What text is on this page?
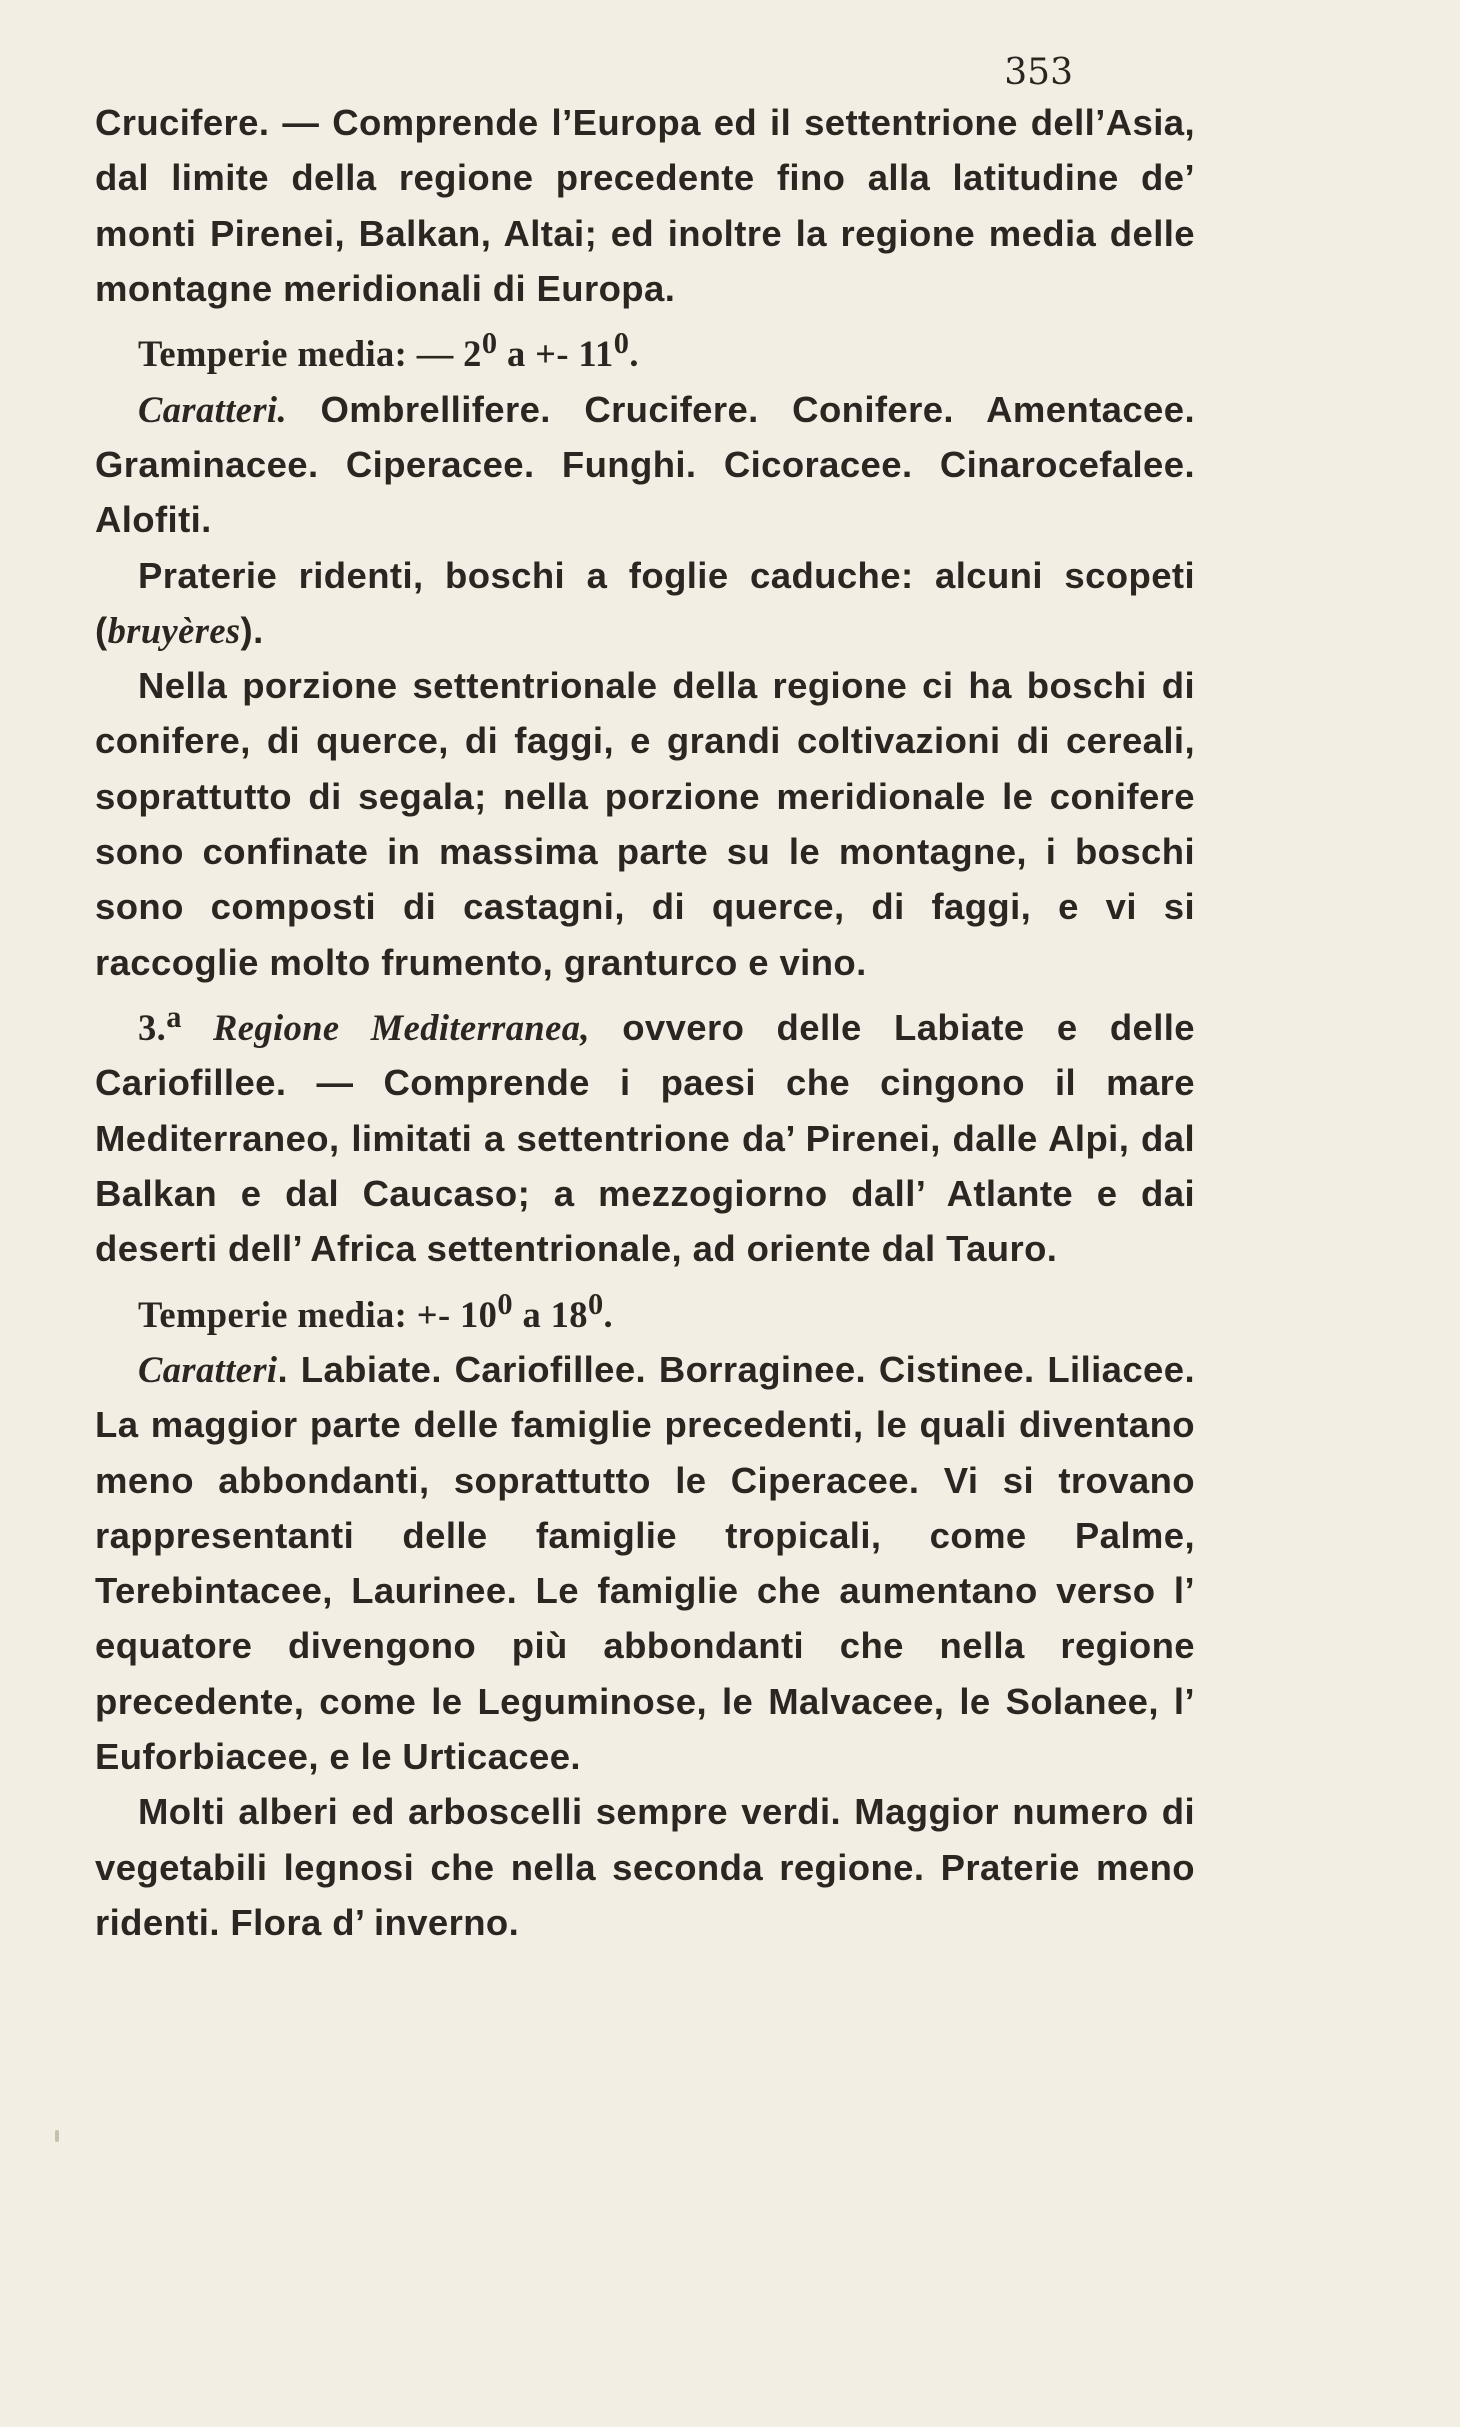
353

Crucifere. — Comprende l’Europa ed il settentrione dell’Asia, dal limite della regione precedente fino alla latitudine de’ monti Pirenei, Balkan, Altai; ed inoltre la regione media delle montagne meridionali di Europa.

Temperie media: — $2^0$ $a +- 11^0$.

Caratteri. Ombrellifere. Crucifere. Conifere. Amentacee. Graminacee. Ciperacee. Funghi. Cicoracee. Cinarocefalee. Alofiti.

Praterie ridenti, boschi a foglie caduche: alcuni scopeti (bruyères).

Nella porzione settentrionale della regione ci ha boschi di conifere, di querce, di faggi, e grandi coltivazioni di cereali, soprattutto di segala; nella porzione meridionale le conifere sono confinate in massima parte su le montagne, i boschi sono composti di castagni, di querce, di faggi, e vi si raccoglie molto frumento, granturco e vino.

3.$^a$ Regione Mediterranea, ovvero delle Labiate e delle Cariofillee. — Comprende i paesi che cingono il mare Mediterraneo, limitati a settentrione da’ Pirenei, dalle Alpi, dal Balkan e dal Caucaso; a mezzogiorno dall’ Atlante e dai deserti dell’ Africa settentrionale, ad oriente dal Tauro.

Temperie media: +- $10^0$ a $18^0$.

Caratteri. Labiate. Cariofillee. Borraginee. Cistinee. Liliacee. La maggior parte delle famiglie precedenti, le quali diventano meno abbondanti, soprattutto le Ciperacee. Vi si trovano rappresentanti delle famiglie tropicali, come Palme, Terebintacee, Laurinee. Le famiglie che aumentano verso l’ equatore divengono più abbondanti che nella regione precedente, come le Leguminose, le Malvacee, le Solanee, l’ Euforbiacee, e le Urticacee.

Molti alberi ed arboscelli sempre verdi. Maggior numero di vegetabili legnosi che nella seconda regione. Praterie meno ridenti. Flora d’ inverno.
